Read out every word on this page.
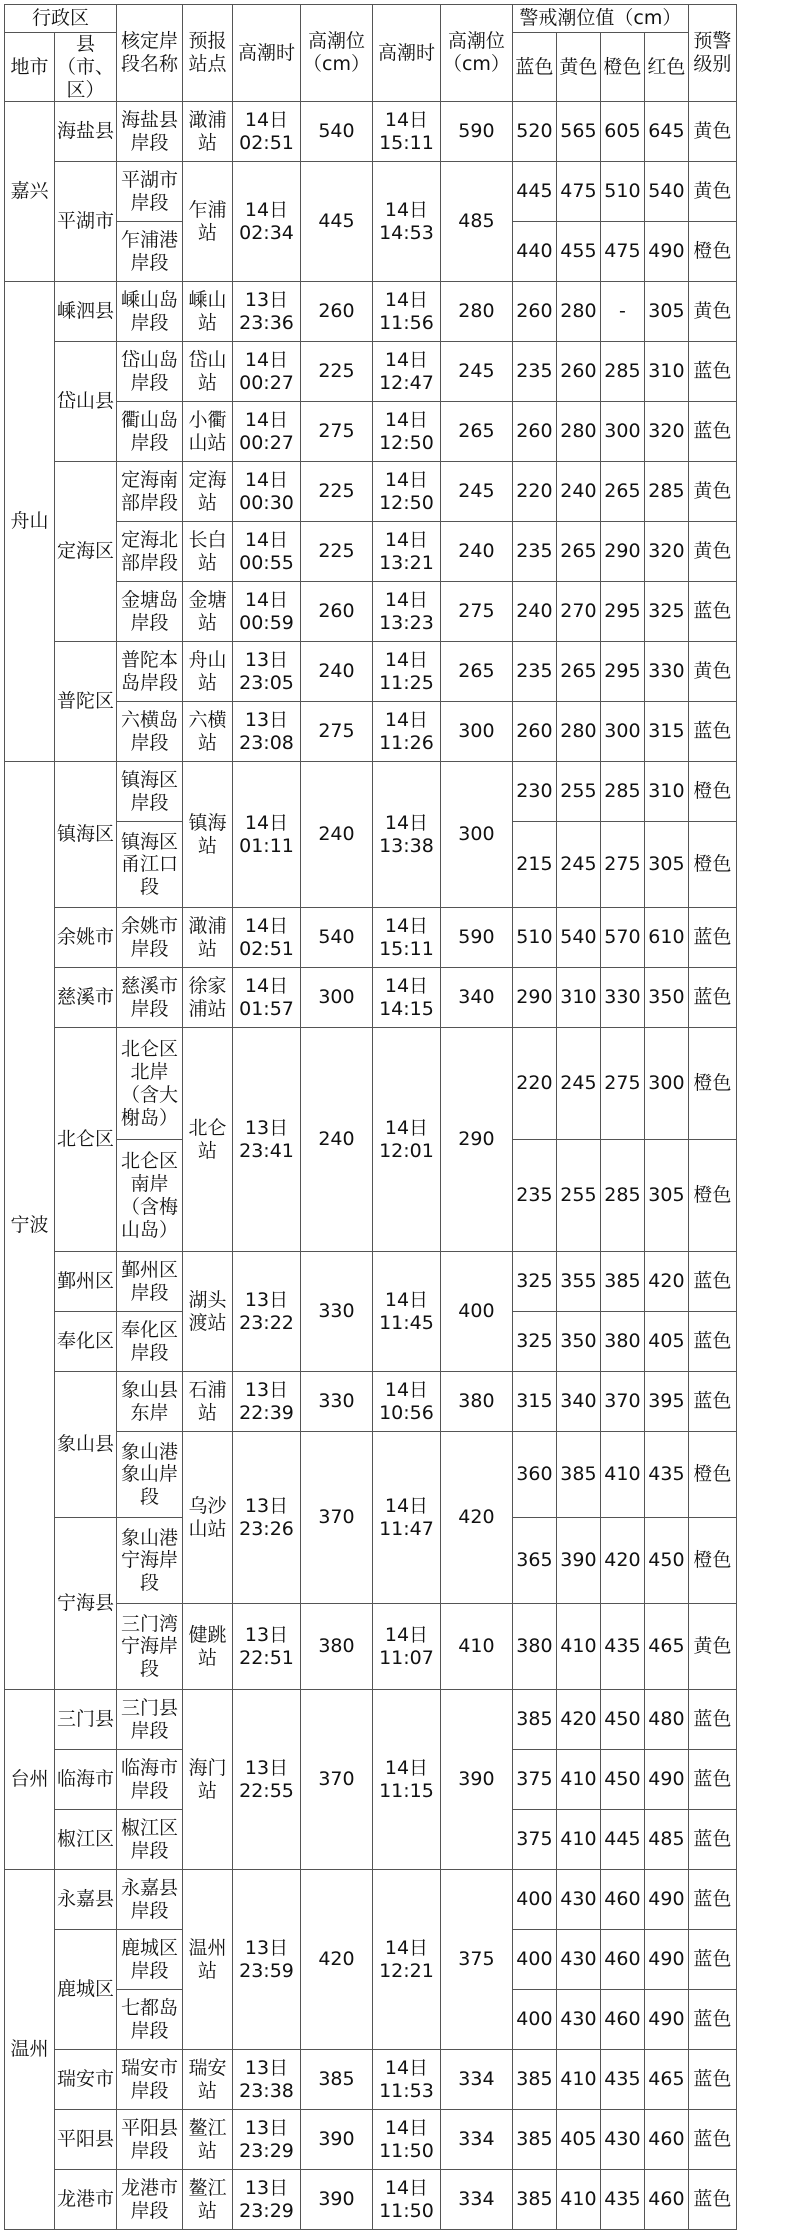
行政区		核定岸段名称	预报站点	高潮时	高潮位（cm）	高潮时	高潮位（cm）	警戒潮位值（cm）				预警级别
地市	县（市、区）							蓝色	黄色	橙色	红色	
嘉兴	海盐县	海盐县岸段	澉浦站	14日02:51	540	14日15:11	590	520	565	605	645	黄色
	平湖市	平湖市岸段	乍浦站	14日02:34	445	14日14:53	485	445	475	510	540	黄色
		乍浦港岸段						440	455	475	490	橙色
舟山	嵊泗县	嵊山岛岸段	嵊山站	13日23:36	260	14日11:56	280	260	280	-	305	黄色
	岱山县	岱山岛岸段	岱山站	14日00:27	225	14日12:47	245	235	260	285	310	蓝色
		衢山岛岸段	小衢山站	14日00:27	275	14日12:50	265	260	280	300	320	蓝色
	定海区	定海南部岸段	定海站	14日00:30	225	14日12:50	245	220	240	265	285	黄色
		定海北部岸段	长白站	14日00:55	225	14日13:21	240	235	265	290	320	黄色
		金塘岛岸段	金塘站	14日00:59	260	14日13:23	275	240	270	295	325	蓝色
	普陀区	普陀本岛岸段	舟山站	13日23:05	240	14日11:25	265	235	265	295	330	黄色
		六横岛岸段	六横站	13日23:08	275	14日11:26	300	260	280	300	315	蓝色
宁波	镇海区	镇海区岸段	镇海站	14日01:11	240	14日13:38	300	230	255	285	310	橙色
		镇海区甬江口段						215	245	275	305	橙色
	余姚市	余姚市岸段	澉浦站	14日02:51	540	14日15:11	590	510	540	570	610	蓝色
	慈溪市	慈溪市岸段	徐家浦站	14日01:57	300	14日14:15	340	290	310	330	350	蓝色
	北仑区	北仑区北岸（含大榭岛）	北仑站	13日23:41	240	14日12:01	290	220	245	275	300	橙色
		北仑区南岸（含梅山岛）						235	255	285	305	橙色
	鄞州区	鄞州区岸段	湖头渡站	13日23:22	330	14日11:45	400	325	355	385	420	蓝色
	奉化区	奉化区岸段						325	350	380	405	蓝色
	象山县	象山县东岸	石浦站	13日22:39	330	14日10:56	380	315	340	370	395	蓝色
		象山港象山岸段	乌沙山站	13日23:26	370	14日11:47	420	360	385	410	435	橙色
	宁海县	象山港宁海岸段						365	390	420	450	橙色
		三门湾宁海岸段	健跳站	13日22:51	380	14日11:07	410	380	410	435	465	黄色
台州	三门县	三门县岸段	海门站	13日22:55	370	14日11:15	390	385	420	450	480	蓝色
	临海市	临海市岸段						375	410	450	490	蓝色
	椒江区	椒江区岸段						375	410	445	485	蓝色
温州	永嘉县	永嘉县岸段	温州站	13日23:59	420	14日12:21	375	400	430	460	490	蓝色
	鹿城区	鹿城区岸段						400	430	460	490	蓝色
		七都岛岸段						400	430	460	490	蓝色
	瑞安市	瑞安市岸段	瑞安站	13日23:38	385	14日11:53	334	385	410	435	465	蓝色
	平阳县	平阳县岸段	鳌江站	13日23:29	390	14日11:50	334	385	405	430	460	蓝色
	龙港市	龙港市岸段	鳌江站	13日23:29	390	14日11:50	334	385	410	435	460	蓝色
